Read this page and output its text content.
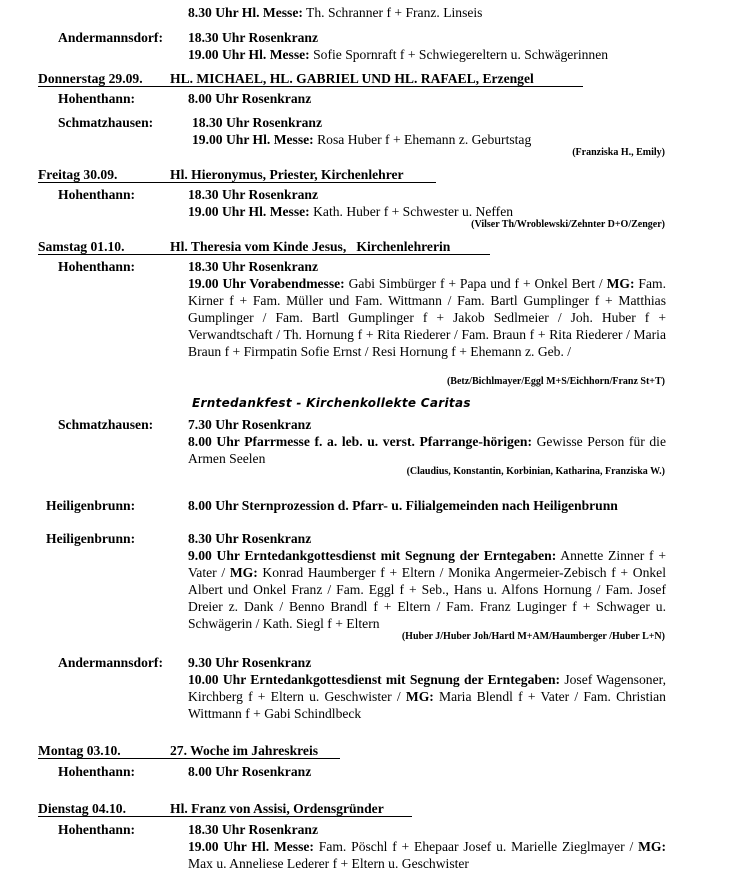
8.30 Uhr Hl. Messe: Th. Schranner f + Franz. Linseis
Andermannsdorf: 18.30 Uhr Rosenkranz
19.00 Uhr Hl. Messe: Sofie Spornraft f + Schwiegereltern u. Schwägerinnen
Donnerstag 29.09. HL. MICHAEL, HL. GABRIEL UND HL. RAFAEL, Erzengel
Hohenthann:	8.00 Uhr Rosenkranz
Schmatzhausen:	18.30 Uhr Rosenkranz
19.00 Uhr Hl. Messe: Rosa Huber f + Ehemann z. Geburtstag
(Franziska H., Emily)
Freitag 30.09.	Hl. Hieronymus, Priester, Kirchenlehrer
Hohenthann:	18.30 Uhr Rosenkranz
19.00 Uhr Hl. Messe: Kath. Huber f + Schwester u. Neffen
(Vilser Th/Wroblewski/Zehnter D+O/Zenger)
Samstag 01.10.	Hl. Theresia vom Kinde Jesus,   Kirchenlehrerin
Hohenthann:	18.30 Uhr Rosenkranz
19.00 Uhr Vorabendmesse: Gabi Simbürger f + Papa und f + Onkel Bert / MG: Fam. Kirner f + Fam. Müller und Fam. Wittmann / Fam. Bartl Gumplinger f + Matthias Gumplinger / Fam. Bartl Gumplinger f + Jakob Sedlmeier / Joh. Huber f + Verwandtschaft / Th. Hornung f + Rita Riederer / Fam. Braun f + Rita Riederer / Maria Braun f + Firmpatin Sofie Ernst / Resi Hornung f + Ehemann z. Geb. /
(Betz/Bichlmayer/Eggl M+S/Eichhorn/Franz St+T)
Erntedankfest - Kirchenkollekte Caritas
Schmatzhausen:	7.30 Uhr Rosenkranz
8.00 Uhr Pfarrmesse f. a. leb. u. verst. Pfarrange-hörigen: Gewisse Person für die Armen Seelen
(Claudius, Konstantin, Korbinian, Katharina, Franziska W.)
Heiligenbrunn:	8.00 Uhr Sternprozession d. Pfarr- u. Filialgemeinden nach Heiligenbrunn
Heiligenbrunn:	8.30 Uhr Rosenkranz
9.00 Uhr Erntedankgottesdienst mit Segnung der Erntegaben: Annette Zinner f + Vater / MG: Konrad Haumberger f + Eltern / Monika Angermeier-Zebisch f + Onkel Albert und Onkel Franz / Fam. Eggl f + Seb., Hans u. Alfons Hornung / Fam. Josef Dreier z. Dank / Benno Brandl f + Eltern / Fam. Franz Luginger f + Schwager u. Schwägerin / Kath. Siegl f + Eltern
(Huber J/Huber Joh/Hartl M+AM/Haumberger /Huber L+N)
Andermannsdorf: 9.30 Uhr Rosenkranz
10.00 Uhr Erntedankgottesdienst mit Segnung der Erntegaben: Josef Wagensoner, Kirchberg f + Eltern u. Geschwister / MG: Maria Blendl f + Vater / Fam. Christian Wittmann f + Gabi Schindlbeck
Montag 03.10.	27. Woche im Jahreskreis
Hohenthann:	8.00 Uhr Rosenkranz
Dienstag 04.10.	Hl. Franz von Assisi, Ordensgründer
Hohenthann:	18.30 Uhr Rosenkranz
19.00 Uhr Hl. Messe: Fam. Pöschl f + Ehepaar Josef u. Marielle Zieglmayer / MG: Max u. Anneliese Lederer f + Eltern u. Geschwister
